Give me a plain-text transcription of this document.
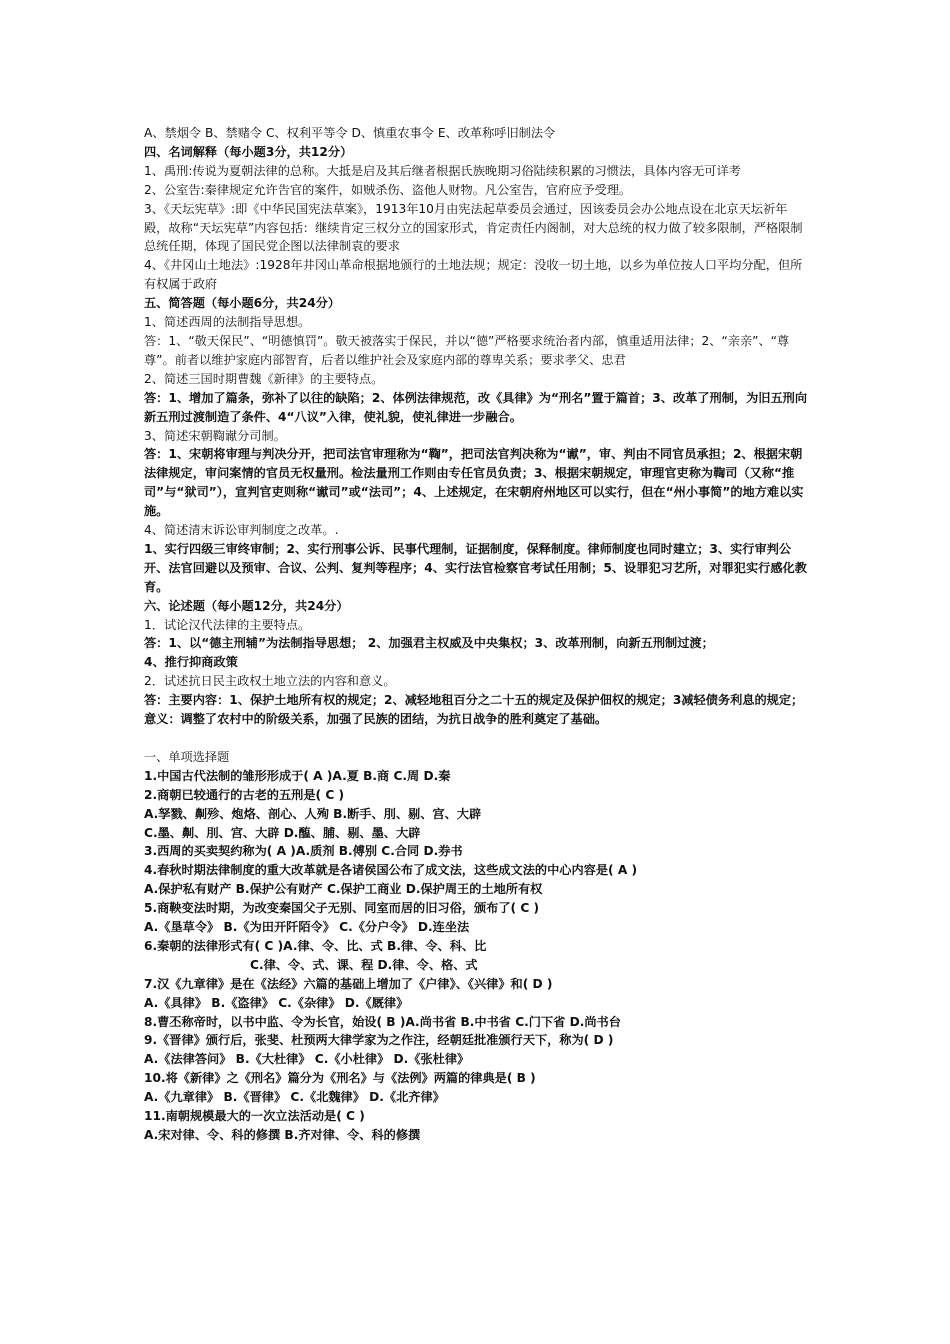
A、禁烟令 B、禁赌令 C、权利平等令 D、慎重农事令 E、改革称呼旧制法令
四、名词解释（每小题3分，共12分）
1、禹刑:传说为夏朝法律的总称。大抵是启及其后继者根据氏族晚期习俗陆续积累的习惯法，具体内容无可详考
2、公室告:秦律规定允许告官的案件，如贼杀伤、盗他人财物。凡公室告，官府应予受理。
3、《天坛宪草》:即《中华民国宪法草案》，1913年10月由宪法起草委员会通过，因该委员会办公地点设在北京天坛祈年殿，故称“天坛宪草”内容包括：继续肯定三权分立的国家形式，肯定责任内阁制，对大总统的权力做了较多限制，严格限制总统任期，体现了国民党企图以法律制袁的要求
4、《井冈山土地法》:1928年井冈山革命根据地颁行的土地法规；规定：没收一切土地，以乡为单位按人口平均分配，但所有权属于政府
五、简答题（每小题6分，共24分）
1、简述西周的法制指导思想。
答：1、“敬天保民”、“明德慎罚”。敬天被落实于保民，并以“德”严格要求统治者内部，慎重适用法律；2、“亲亲”、“尊尊”。前者以维护家庭内部智育，后者以维护社会及家庭内部的尊卑关系；要求孝父、忠君
2、简述三国时期曹魏《新律》的主要特点。
答：1、增加了篇条，弥补了以往的缺陷；2、体例法律规范，改《具律》为“刑名”置于篇首；3、改革了刑制，为旧五刑向新五刑过渡制造了条件、4“八议”入律，使礼貌，使礼律进一步融合。
3、简述宋朝鞫谳分司制。
答：1、宋朝将审理与判决分开，把司法官审理称为“鞫”，把司法官判决称为“谳”，审、判由不同官员承担；2、根据宋朝法律规定，审问案情的官员无权量刑。检法量刑工作则由专任官员负责；3、根据宋朝规定，审理官吏称为鞫司（又称“推司”与“狱司”），宣判官吏则称“谳司”或“法司”；4、上述规定，在宋朝府州地区可以实行，但在“州小事简”的地方难以实施。
4、简述清末诉讼审判制度之改革。.
1、实行四级三审终审制；2、实行刑事公诉、民事代理制，证据制度，保释制度。律师制度也同时建立；3、实行审判公开、法官回避以及预审、合议、公判、复判等程序；4、实行法官检察官考试任用制；5、设罪犯习艺所，对罪犯实行感化教育。
六、论述题（每小题12分，共24分）
1．试论汉代法律的主要特点。
答：1、以“德主刑辅”为法制指导思想； 2、加强君主权威及中央集权；3、改革刑制，向新五刑制过渡；
4、推行抑商政策
2．试述抗日民主政权土地立法的内容和意义。
答：主要内容：1、保护土地所有权的规定；2、减轻地租百分之二十五的规定及保护佃权的规定；3减轻债务利息的规定；意义：调整了农村中的阶级关系，加强了民族的团结，为抗日战争的胜利奠定了基础。
一、单项选择题
1.中国古代法制的雏形形成于( A )A.夏 B.商 C.周 D.秦
2.商朝已较通行的古老的五刑是( C )
A.孥戮、劓殄、炮烙、剖心、人殉 B.断手、刖、剔、宫、大辟
C.墨、劓、刖、宫、大辟 D.醢、脯、剔、墨、大辟
3.西周的买卖契约称为( A )A.质剂 B.傅别 C.合同 D.券书
4.春秋时期法律制度的重大改革就是各诸侯国公布了成文法，这些成文法的中心内容是( A )
A.保护私有财产 B.保护公有财产 C.保护工商业 D.保护周王的土地所有权
5.商鞅变法时期，为改变秦国父子无别、同室而居的旧习俗，颁布了( C )
A.《垦草令》 B.《为田开阡陌令》 C.《分户令》 D.连坐法
6.秦朝的法律形式有( C )A.律、令、比、式 B.律、令、科、比
C.律、令、式、课、程 D.律、令、格、式
7.汉《九章律》是在《法经》六篇的基础上增加了《户律》、《兴律》和( D )
A.《具律》 B.《盗律》 C.《杂律》 D.《厩律》
8.曹丕称帝时，以书中监、令为长官，始设( B )A.尚书省 B.中书省 C.门下省 D.尚书台
9.《晋律》颁行后，张斐、杜预两大律学家为之作注，经朝廷批准颁行天下，称为( D )
A.《法律答问》 B.《大杜律》 C.《小杜律》 D.《张杜律》
10.将《新律》之《刑名》篇分为《刑名》与《法例》两篇的律典是( B )
A.《九章律》 B.《晋律》 C.《北魏律》 D.《北齐律》
11.南朝规模最大的一次立法活动是( C )
A.宋对律、令、科的修撰 B.齐对律、令、科的修撰
